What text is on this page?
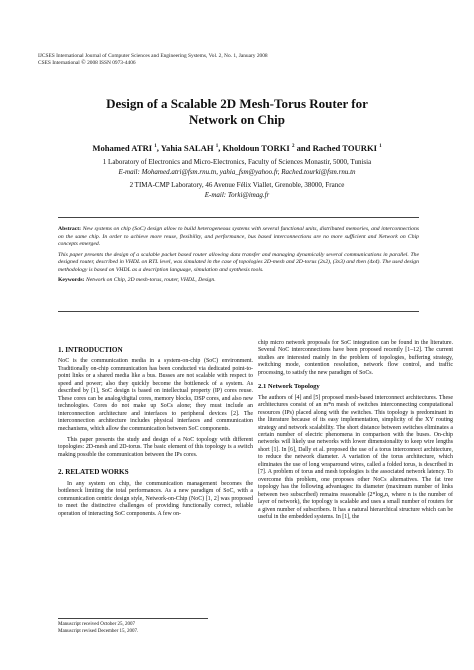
IJCSES International Journal of Computer Sciences and Engineering Systems, Vol. 2, No. 1, January 2008
CSES International © 2008 ISSN 0973-4406
Design of a Scalable 2D Mesh-Torus Router for
Network on Chip
Mohamed ATRI $^1$, Yahia SALAH $^1$, Kholdoun TORKI $^2$ and Rached TOURKI $^1$
1 Laboratory of Electronics and Micro-Electronics, Faculty of Sciences Monastir, 5000, Tunisia
E-mail: Mohamed.atri@fsm.rnu.tn, yahia_fsm@yahoo.fr, Rached.tourki@fsm.rnu.tn
2 TIMA-CMP Laboratory, 46 Avenue Félix Viallet, Grenoble, 38000, France
E-mail: Torki@imag.fr

Abstract: New systems on chip (SoC) design allow to build heterogeneous systems with several functional units, distributed memories, and interconnections on the same chip. In order to achieve more reuse, flexibility, and performance, bus based interconnections are no more sufficient and Network on Chip concepts emerged.

This paper presents the design of a scalable packet based router allowing data transfer and managing dynamically several communications in parallel. The designed router, described in VHDL on RTL level, was simulated in the case of topologies 2D-mesh and 2D-torus (2x2), (3x3) and then (4x4). The used design methodology is based on VHDL as a description language, simulation and synthesis tools.

Keywords: Network on Chip, 2D mesh-torus, router, VHDL, Design.

1. INTRODUCTION

NoC is the communication media in a system-on-chip (SoC) environment. Traditionally on-chip communication has been conducted via dedicated point-to-point links or a shared media like a bus. Busses are not scalable with respect to speed and power; also they quickly become the bottleneck of a system. As described by [1], SoC design is based on intellectual property (IP) cores reuse. These cores can be analog/digital cores, memory blocks, DSP cores, and also new technologies. Cores do not make up SoCs alone; they must include an interconnection architecture and interfaces to peripheral devices [2]. The interconnection architecture includes physical interfaces and communication mechanisms, which allow the communication between SoC components.

This paper presents the study and design of a NoC topology with different topologies: 2D-mesh and 2D-torus. The basic element of this topology is a switch making possible the communication between the IPs cores.

2. RELATED WORKS

In any system on chip, the communication management becomes the bottleneck limiting the total performances. As a new paradigm of SoC, with a communication centric design style, Network-on-Chip (NoC) [1, 2] was proposed to meet the distinctive challenges of providing functionally correct, reliable operation of interacting SoC components. A few on-

chip micro network proposals for SoC integration can be found in the literature. Several NoC interconnections have been proposed recently [1–12]. The current studies are interested mainly in the problem of topologies, buffering strategy, switching mode, contention resolution, network flow control, and traffic processing, to satisfy the new paradigm of SoCs.

2.1 Network Topology

The authors of [4] and [5] proposed mesh-based interconnect architectures. These architectures consist of an m*n mesh of switches interconnecting computational resources (IPs) placed along with the switches. This topology is predominant in the literature because of its easy implementation, simplicity of the XY routing strategy and network scalability. The short distance between switches eliminates a certain number of electric phenomena in comparison with the buses. On-chip networks will likely use networks with lower dimensionality to keep wire lengths short [1]. In [6], Dally et al. proposed the use of a torus interconnect architecture, to reduce the network diameter. A variation of the torus architecture, which eliminates the use of long wraparound wires, called a folded torus, is described in [7]. A problem of torus and mesh topologies is the associated network latency. To overcome this problem, one proposes other NoCs alternatives. The fat tree topology has the following advantages: its diameter (maximum number of links between two subscribed) remains reasonable (2*log₂n, where n is the number of layer of network), the topology is scalable and uses a small number of routers for a given number of subscribers. It has a natural hierarchical structure which can be useful in the embedded systems. In [1], the

Manuscript received October 25, 2007
Manuscript revised December 15, 2007.
